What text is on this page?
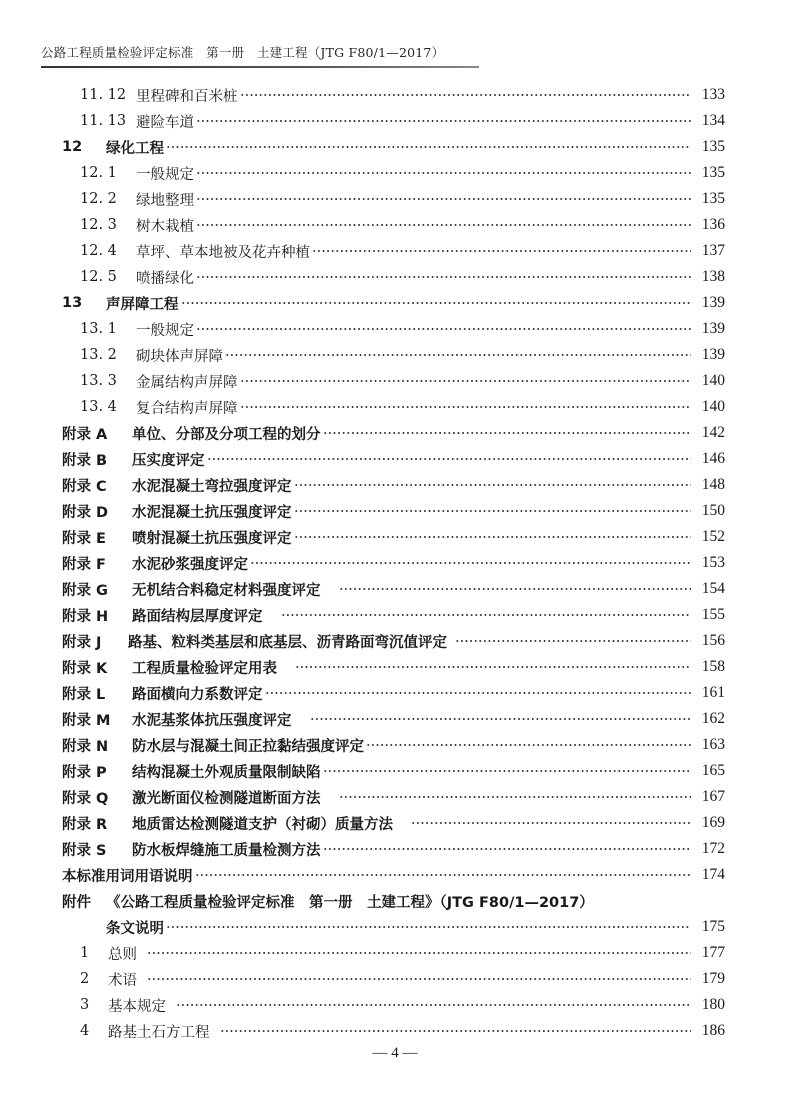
公路工程质量检验评定标准　第一册　土建工程（JTG F80/1—2017）
11. 12 里程碑和百米桩	133
11. 13 避险车道	134
12	绿化工程	135
12. 1	一般规定	135
12. 2	绿地整理	135
12. 3	树木栽植	136
12. 4	草坪、草本地被及花卉种植	137
12. 5	喷播绿化	138
13	声屏障工程	139
13. 1	一般规定	139
13. 2	砌块体声屏障	139
13. 3	金属结构声屏障	140
13. 4	复合结构声屏障	140
附录 A	单位、分部及分项工程的划分	142
附录 B	压实度评定	146
附录 C	水泥混凝土弯拉强度评定	148
附录 D	水泥混凝土抗压强度评定	150
附录 E	喷射混凝土抗压强度评定	152
附录 F	水泥砂浆强度评定	153
附录 G	无机结合料稳定材料强度评定	154
附录 H	路面结构层厚度评定	155
附录 J	路基、粒料类基层和底基层、沥青路面弯沉值评定	156
附录 K	工程质量检验评定用表	158
附录 L	路面横向力系数评定	161
附录 M	水泥基浆体抗压强度评定	162
附录 N	防水层与混凝土间正拉黏结强度评定	163
附录 P	结构混凝土外观质量限制缺陷	165
附录 Q	激光断面仪检测隧道断面方法	167
附录 R	地质雷达检测隧道支护（衬砌）质量方法	169
附录 S	防水板焊缝施工质量检测方法	172
本标准用词用语说明	174
附件	《公路工程质量检验评定标准　第一册　土建工程》（JTG F80/1—2017）
条文说明	175
1	总则	177
2	术语	179
3	基本规定	180
4	路基土石方工程	186
— 4 —
